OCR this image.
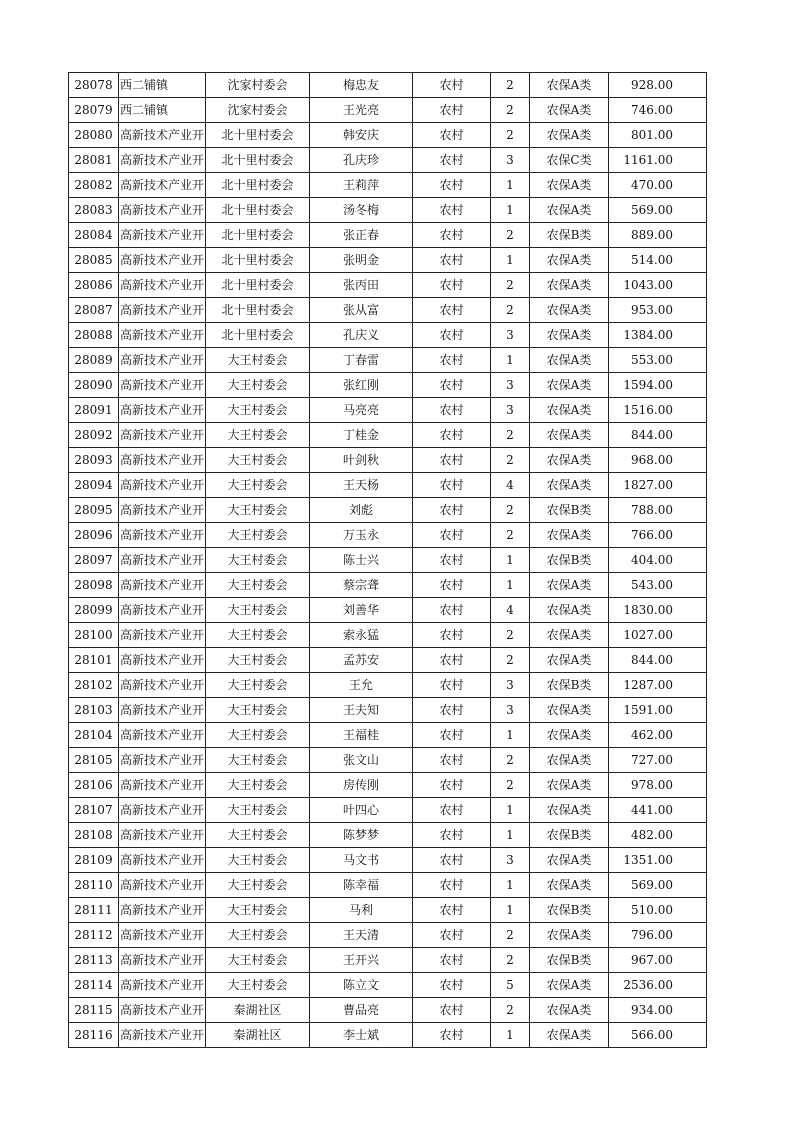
28078	西二铺镇	沈家村委会	梅忠友	农村	2	农保A类	928.00
28079	西二铺镇	沈家村委会	王光亮	农村	2	农保A类	746.00
28080	高新技术产业开	北十里村委会	韩安庆	农村	2	农保A类	801.00
28081	高新技术产业开	北十里村委会	孔庆珍	农村	3	农保C类	1161.00
28082	高新技术产业开	北十里村委会	王莉萍	农村	1	农保A类	470.00
28083	高新技术产业开	北十里村委会	汤冬梅	农村	1	农保A类	569.00
28084	高新技术产业开	北十里村委会	张正春	农村	2	农保B类	889.00
28085	高新技术产业开	北十里村委会	张明金	农村	1	农保A类	514.00
28086	高新技术产业开	北十里村委会	张丙田	农村	2	农保A类	1043.00
28087	高新技术产业开	北十里村委会	张从富	农村	2	农保A类	953.00
28088	高新技术产业开	北十里村委会	孔庆义	农村	3	农保A类	1384.00
28089	高新技术产业开	大王村委会	丁春雷	农村	1	农保A类	553.00
28090	高新技术产业开	大王村委会	张红刚	农村	3	农保A类	1594.00
28091	高新技术产业开	大王村委会	马亮亮	农村	3	农保A类	1516.00
28092	高新技术产业开	大王村委会	丁桂金	农村	2	农保A类	844.00
28093	高新技术产业开	大王村委会	叶剑秋	农村	2	农保A类	968.00
28094	高新技术产业开	大王村委会	王天杨	农村	4	农保A类	1827.00
28095	高新技术产业开	大王村委会	刘彪	农村	2	农保B类	788.00
28096	高新技术产业开	大王村委会	万玉永	农村	2	农保A类	766.00
28097	高新技术产业开	大王村委会	陈士兴	农村	1	农保B类	404.00
28098	高新技术产业开	大王村委会	蔡宗聋	农村	1	农保A类	543.00
28099	高新技术产业开	大王村委会	刘善华	农村	4	农保A类	1830.00
28100	高新技术产业开	大王村委会	索永猛	农村	2	农保A类	1027.00
28101	高新技术产业开	大王村委会	孟苏安	农村	2	农保A类	844.00
28102	高新技术产业开	大王村委会	王允	农村	3	农保B类	1287.00
28103	高新技术产业开	大王村委会	王夫知	农村	3	农保A类	1591.00
28104	高新技术产业开	大王村委会	王福桂	农村	1	农保A类	462.00
28105	高新技术产业开	大王村委会	张文山	农村	2	农保A类	727.00
28106	高新技术产业开	大王村委会	房传刚	农村	2	农保A类	978.00
28107	高新技术产业开	大王村委会	叶四心	农村	1	农保A类	441.00
28108	高新技术产业开	大王村委会	陈梦梦	农村	1	农保B类	482.00
28109	高新技术产业开	大王村委会	马文书	农村	3	农保A类	1351.00
28110	高新技术产业开	大王村委会	陈幸福	农村	1	农保A类	569.00
28111	高新技术产业开	大王村委会	马利	农村	1	农保B类	510.00
28112	高新技术产业开	大王村委会	王天清	农村	2	农保A类	796.00
28113	高新技术产业开	大王村委会	王开兴	农村	2	农保B类	967.00
28114	高新技术产业开	大王村委会	陈立文	农村	5	农保A类	2536.00
28115	高新技术产业开	秦湖社区	曹品亮	农村	2	农保A类	934.00
28116	高新技术产业开	秦湖社区	李士斌	农村	1	农保A类	566.00
